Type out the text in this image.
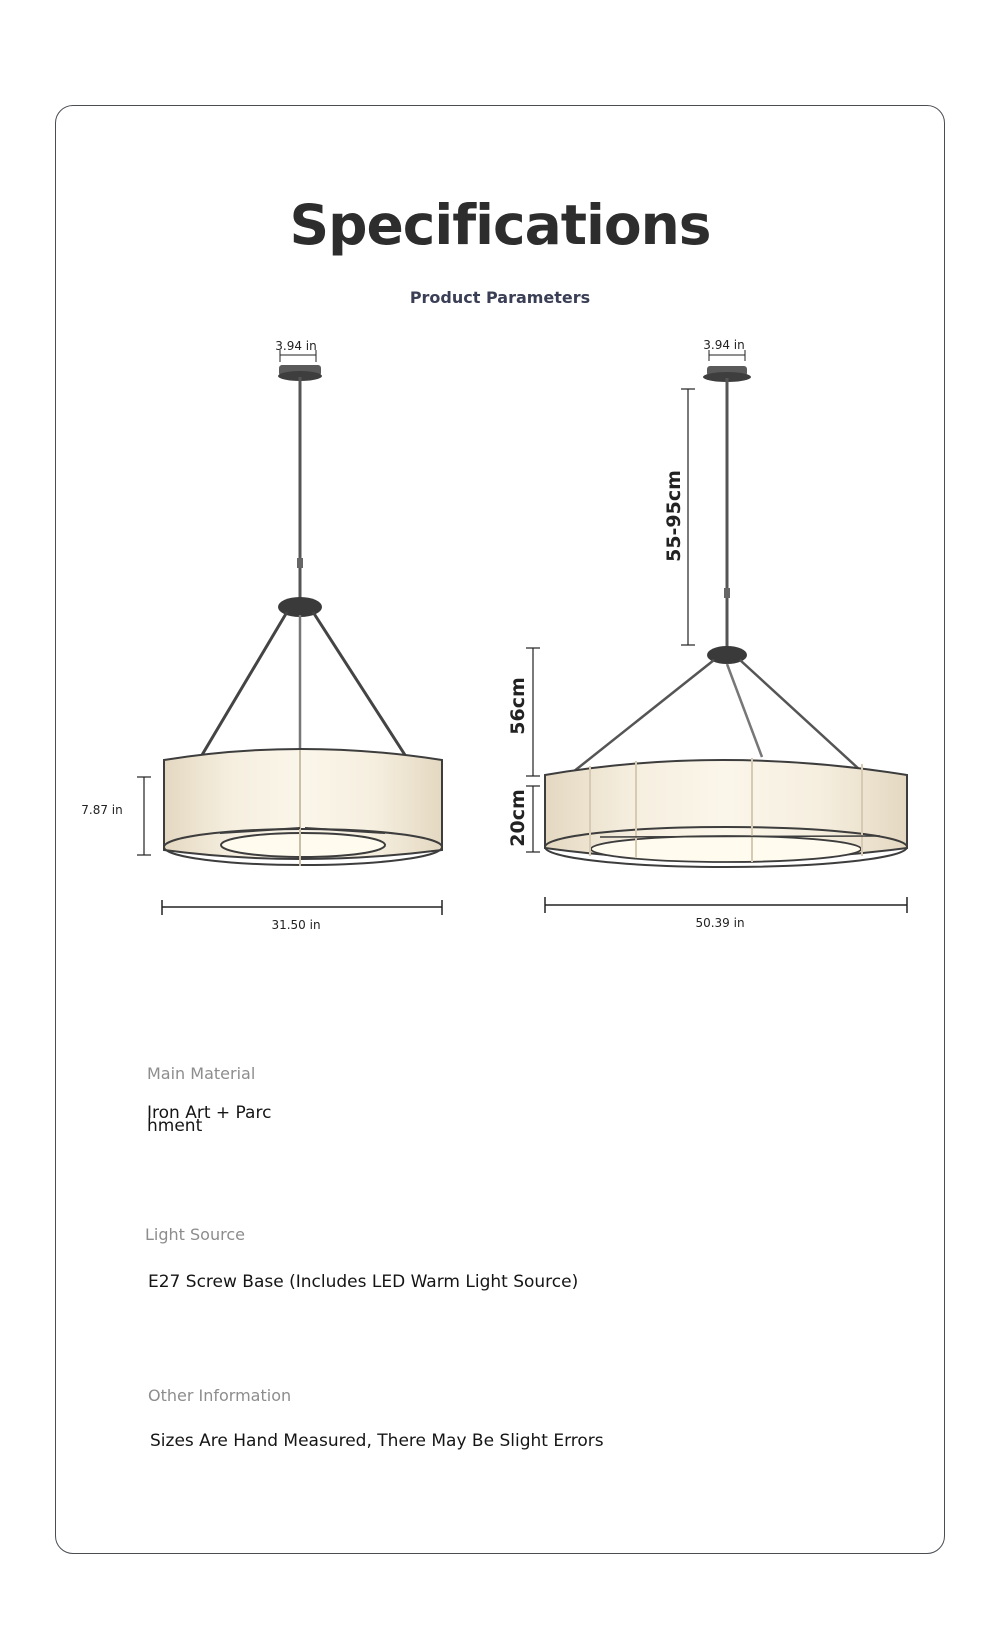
Specifications

Product Parameters

3.94 in
7.87 in
31.50 in
3.94 in
55-95cm
56cm
20cm
50.39 in

Main Material

Iron Art + Parchment

Light Source

E27 Screw Base (Includes LED Warm Light Source)

Other Information

Sizes Are Hand Measured, There May Be Slight Errors
